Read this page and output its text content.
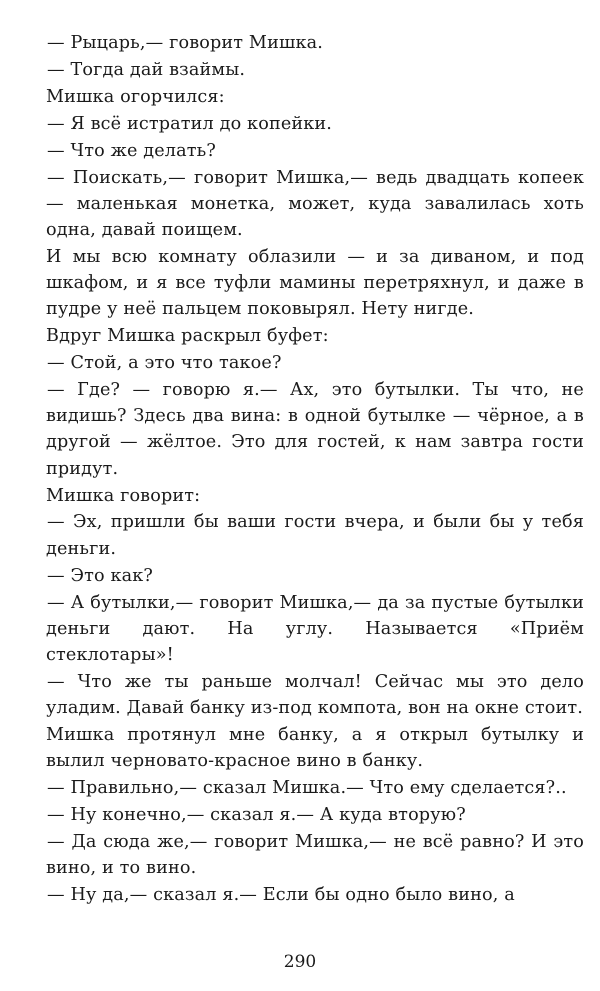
— Рыцарь,— говорит Мишка.

— Тогда дай взаймы.

Мишка огорчился:

— Я всё истратил до копейки.

— Что же делать?

— Поискать,— говорит Мишка,— ведь двадцать копеек — маленькая монетка, может, куда завалилась хоть одна, давай поищем.

И мы всю комнату облазили — и за диваном, и под шкафом, и я все туфли мамины перетряхнул, и даже в пудре у неё пальцем поковырял. Нету нигде.

Вдруг Мишка раскрыл буфет:

— Стой, а это что такое?

— Где? — говорю я.— Ах, это бутылки. Ты что, не видишь? Здесь два вина: в одной бутылке — чёрное, а в другой — жёлтое. Это для гостей, к нам завтра гости придут.

Мишка говорит:

— Эх, пришли бы ваши гости вчера, и были бы у тебя деньги.

— Это как?

— А бутылки,— говорит Мишка,— да за пустые бутылки деньги дают. На углу. Называется «Приём стеклотары»!

— Что же ты раньше молчал! Сейчас мы это дело уладим. Давай банку из-под компота, вон на окне стоит.

Мишка протянул мне банку, а я открыл бутылку и вылил черновато-красное вино в банку.

— Правильно,— сказал Мишка.— Что ему сделается?..

— Ну конечно,— сказал я.— А куда вторую?

— Да сюда же,— говорит Мишка,— не всё равно? И это вино, и то вино.

— Ну да,— сказал я.— Если бы одно было вино, а

290
